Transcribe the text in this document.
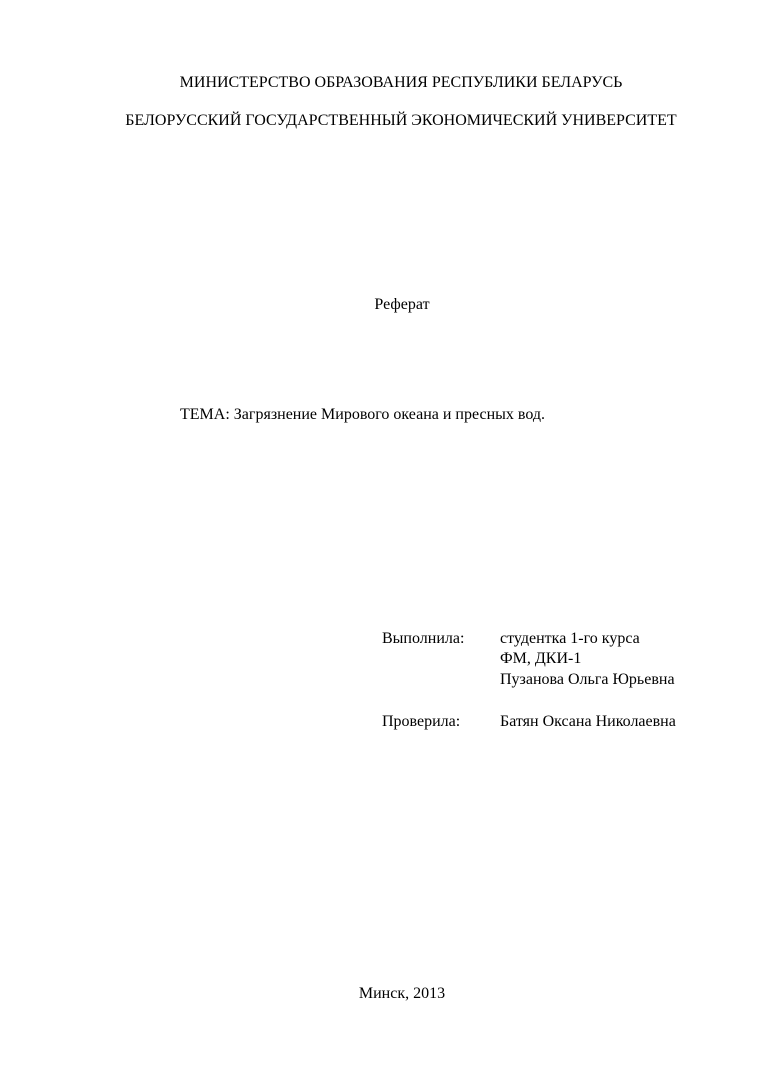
МИНИСТЕРСТВО ОБРАЗОВАНИЯ РЕСПУБЛИКИ БЕЛАРУСЬ
БЕЛОРУССКИЙ ГОСУДАРСТВЕННЫЙ ЭКОНОМИЧЕСКИЙ УНИВЕРСИТЕТ
Реферат
ТЕМА: Загрязнение Мирового океана и пресных вод.
Выполнила: студентка 1-го курса
ФМ, ДКИ-1
Пузанова Ольга Юрьевна
Проверила: Батян Оксана Николаевна
Минск, 2013
